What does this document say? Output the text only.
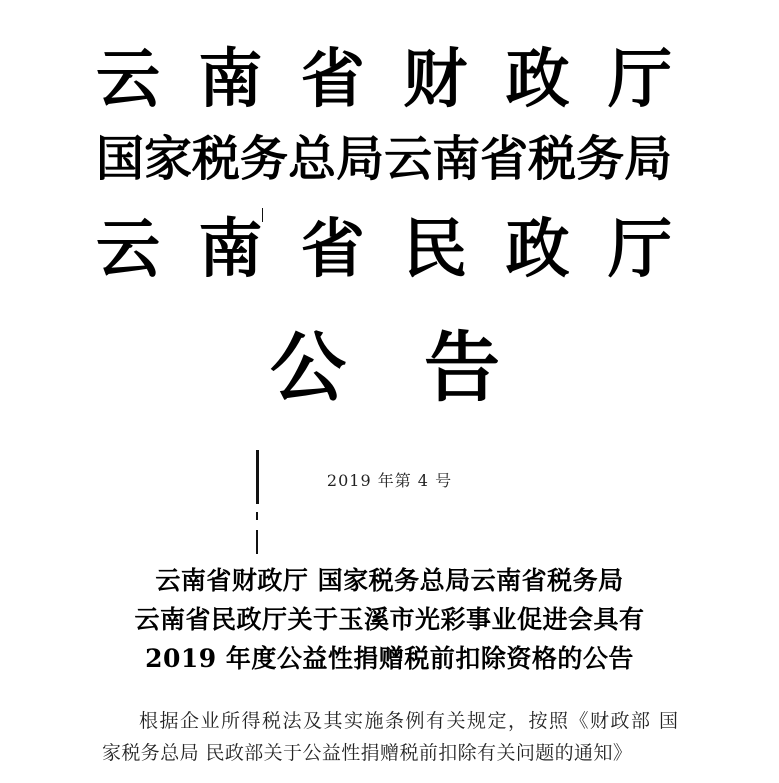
云 南 省 财 政 厅
国 家 税 务 总 局 云 南 省 税 务 局
云 南 省 民 政 厅
公 告
2019 年第 4 号
云南省财政厅 国家税务总局云南省税务局
云南省民政厅关于玉溪市光彩事业促进会具有
2019 年度公益性捐赠税前扣除资格的公告
根据企业所得税法及其实施条例有关规定，按照《财政部 国
家税务总局 民政部关于公益性捐赠税前扣除有关问题的通知》
